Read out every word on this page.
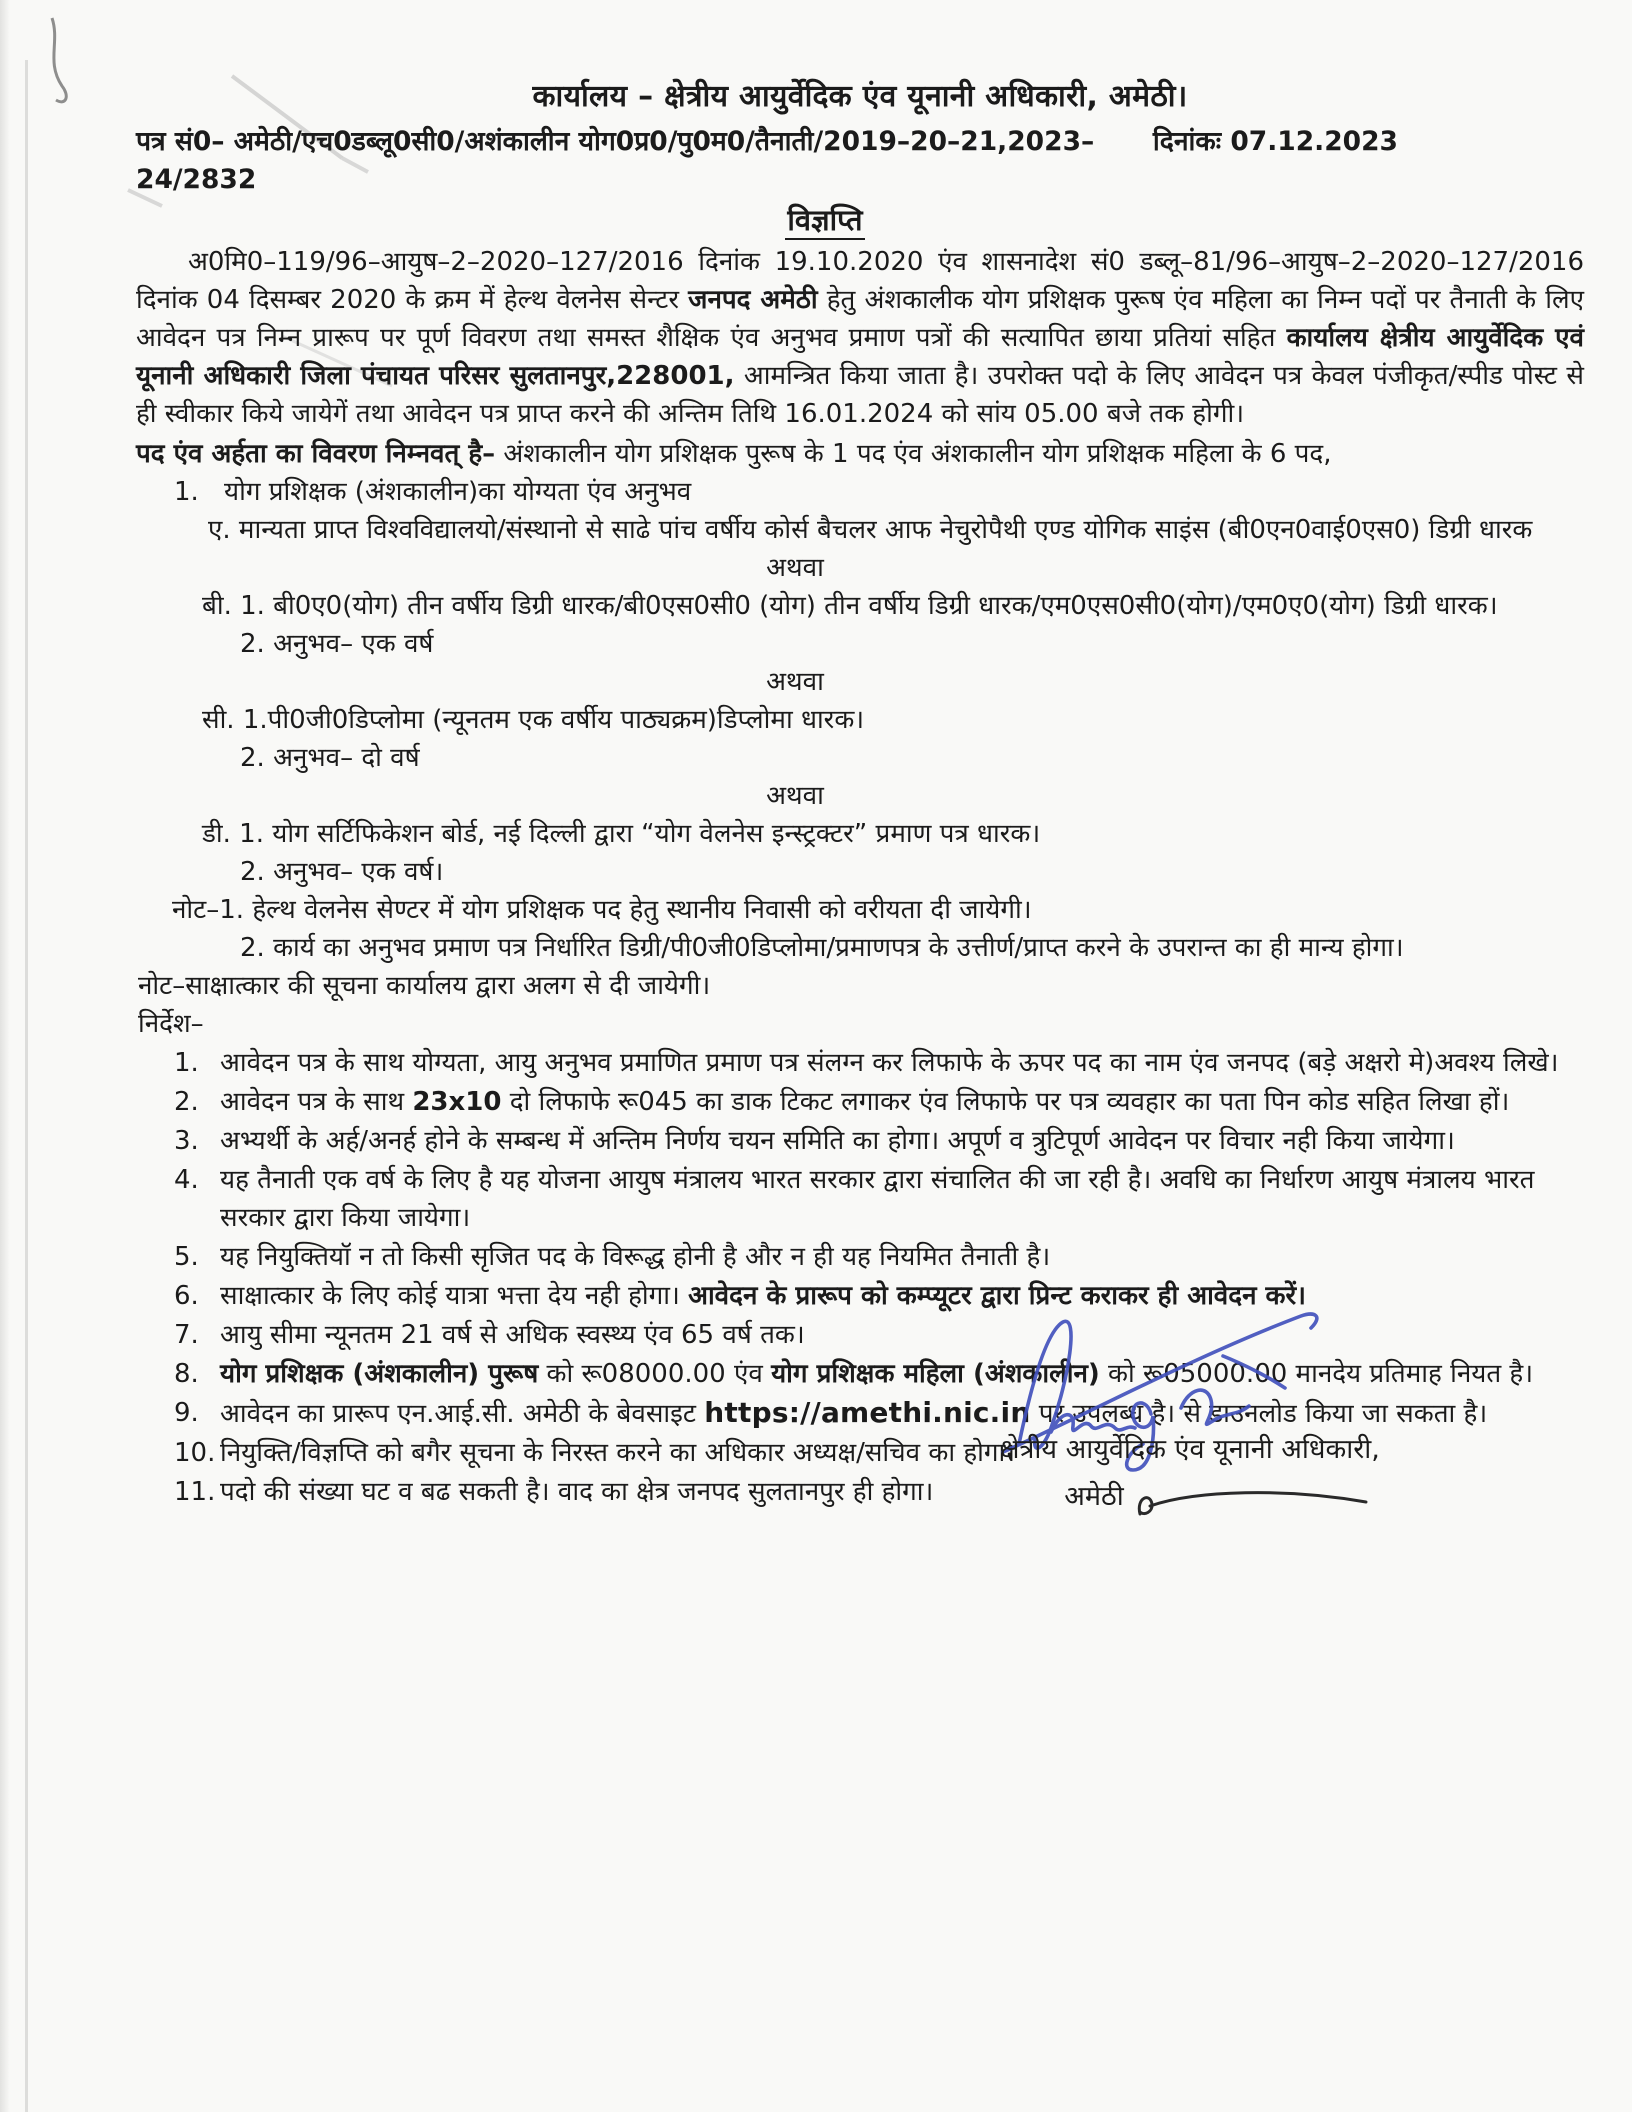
कार्यालय – क्षेत्रीय आयुर्वेदिक एंव यूनानी अधिकारी, अमेठी।
पत्र सं0– अमेठी/एच0डब्लू0सी0/अशंकालीन योग0प्र0/पु0म0/तैनाती/2019–20–21,2023–24/2832
दिनांकः 07.12.2023
विज्ञप्ति

अ0मि0–119/96–आयुष–2–2020–127/2016 दिनांक 19.10.2020 एंव शासनादेश सं0 डब्लू–81/96–आयुष–2–2020–127/2016 दिनांक 04 दिसम्बर 2020 के क्रम में हेल्थ वेलनेस सेन्टर जनपद अमेठी हेतु अंशकालीक योग प्रशिक्षक पुरूष एंव महिला का निम्न पदों पर तैनाती के लिए आवेदन पत्र निम्न प्रारूप पर पूर्ण विवरण तथा समस्त शैक्षिक एंव अनुभव प्रमाण पत्रों की सत्यापित छाया प्रतियां सहित कार्यालय क्षेत्रीय आयुर्वेदिक एवं यूनानी अधिकारी जिला पंचायत परिसर सुलतानपुर,228001, आमन्त्रित किया जाता है। उपरोक्त पदो के लिए आवेदन पत्र केवल पंजीकृत/स्पीड पोस्ट से ही स्वीकार किये जायेगें तथा आवेदन पत्र प्राप्त करने की अन्तिम तिथि 16.01.2024 को सांय 05.00 बजे तक होगी।

पद एंव अर्हता का विवरण निम्नवत् है– अंशकालीन योग प्रशिक्षक पुरूष के 1 पद एंव अंशकालीन योग प्रशिक्षक महिला के 6 पद,

1. योग प्रशिक्षक (अंशकालीन)का योग्यता एंव अनुभव
ए. मान्यता प्राप्त विश्वविद्यालयो/संस्थानो से साढे पांच वर्षीय कोर्स बैचलर आफ नेचुरोपैथी एण्ड योगिक साइंस (बी0एन0वाई0एस0) डिग्री धारक
अथवा
बी. 1. बी0ए0(योग) तीन वर्षीय डिग्री धारक/बी0एस0सी0 (योग) तीन वर्षीय डिग्री धारक/एम0एस0सी0(योग)/एम0ए0(योग) डिग्री धारक।
2. अनुभव– एक वर्ष
अथवा
सी. 1.पी0जी0डिप्लोमा (न्यूनतम एक वर्षीय पाठ्यक्रम)डिप्लोमा धारक।
2. अनुभव– दो वर्ष
अथवा
डी. 1. योग सर्टिफिकेशन बोर्ड, नई दिल्ली द्वारा “योग वेलनेस इन्स्ट्रक्टर” प्रमाण पत्र धारक।
2. अनुभव– एक वर्ष।
नोट–1. हेल्थ वेलनेस सेण्टर में योग प्रशिक्षक पद हेतु स्थानीय निवासी को वरीयता दी जायेगी।
2. कार्य का अनुभव प्रमाण पत्र निर्धारित डिग्री/पी0जी0डिप्लोमा/प्रमाणपत्र के उत्तीर्ण/प्राप्त करने के उपरान्त का ही मान्य होगा।
नोट–साक्षात्कार की सूचना कार्यालय द्वारा अलग से दी जायेगी।
निर्देश–
1. आवेदन पत्र के साथ योग्यता, आयु अनुभव प्रमाणित प्रमाण पत्र संलग्न कर लिफाफे के ऊपर पद का नाम एंव जनपद (बड़े अक्षरो मे)अवश्य लिखे।
2. आवेदन पत्र के साथ 23x10 दो लिफाफे रू045 का डाक टिकट लगाकर एंव लिफाफे पर पत्र व्यवहार का पता पिन कोड सहित लिखा हों।
3. अभ्यर्थी के अर्ह/अनर्ह होने के सम्बन्ध में अन्तिम निर्णय चयन समिति का होगा। अपूर्ण व त्रुटिपूर्ण आवेदन पर विचार नही किया जायेगा।
4. यह तैनाती एक वर्ष के लिए है यह योजना आयुष मंत्रालय भारत सरकार द्वारा संचालित की जा रही है। अवधि का निर्धारण आयुष मंत्रालय भारत सरकार द्वारा किया जायेगा।
5. यह नियुक्तियॉ न तो किसी सृजित पद के विरूद्ध होनी है और न ही यह नियमित तैनाती है।
6. साक्षात्कार के लिए कोई यात्रा भत्ता देय नही होगा। आवेदन के प्रारूप को कम्प्यूटर द्वारा प्रिन्ट कराकर ही आवेदन करें।
7. आयु सीमा न्यूनतम 21 वर्ष से अधिक स्वस्थ्य एंव 65 वर्ष तक।
8. योग प्रशिक्षक (अंशकालीन) पुरूष को रू08000.00 एंव योग प्रशिक्षक महिला (अंशकालीन) को रू05000.00 मानदेय प्रतिमाह नियत है।
9. आवेदन का प्रारूप एन.आई.सी. अमेठी के बेवसाइट https://amethi.nic.in पर उपलब्ध है। से डाउनलोड किया जा सकता है।
10. नियुक्ति/विज्ञप्ति को बगैर सूचना के निरस्त करने का अधिकार अध्यक्ष/सचिव का होगा।
11. पदो की संख्या घट व बढ सकती है। वाद का क्षेत्र जनपद सुलतानपुर ही होगा।
क्षेत्रीय आयुर्वेदिक एंव यूनानी अधिकारी,
अमेठी
